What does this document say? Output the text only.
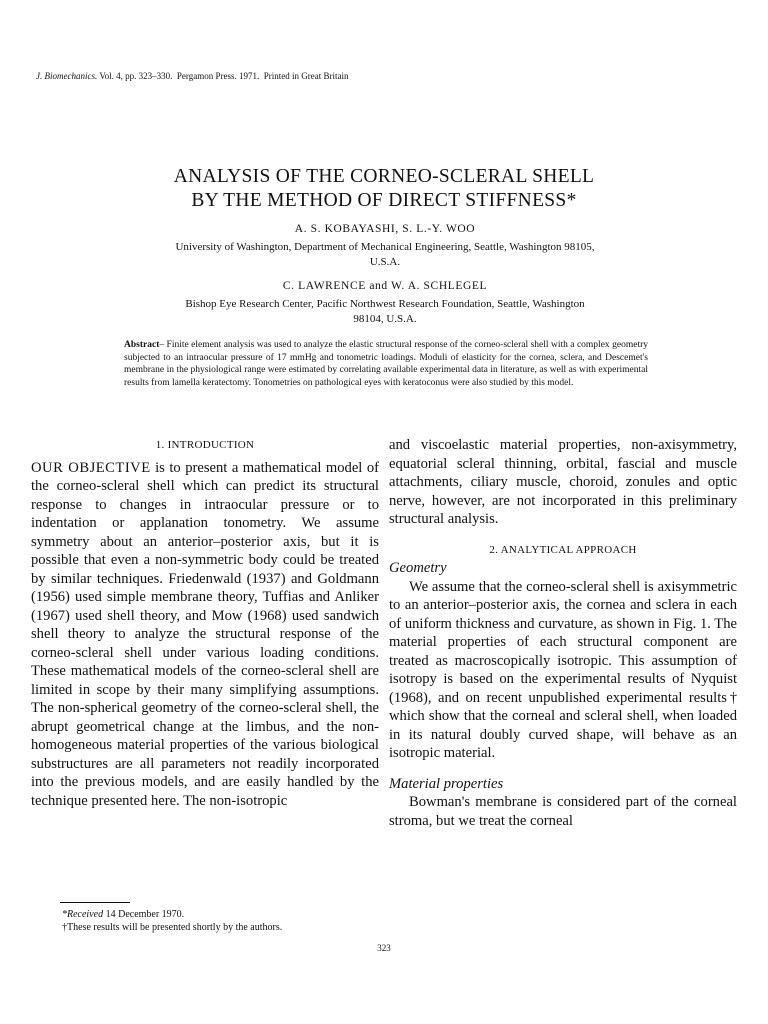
J. Biomechanics. Vol. 4, pp. 323–330. Pergamon Press. 1971. Printed in Great Britain
ANALYSIS OF THE CORNEO-SCLERAL SHELL
BY THE METHOD OF DIRECT STIFFNESS*
A. S. KOBAYASHI, S. L.-Y. WOO
University of Washington, Department of Mechanical Engineering, Seattle, Washington 98105,
U.S.A.
C. LAWRENCE and W. A. SCHLEGEL
Bishop Eye Research Center, Pacific Northwest Research Foundation, Seattle, Washington
98104, U.S.A.
Abstract– Finite element analysis was used to analyze the elastic structural response of the corneo-scleral shell with a complex geometry subjected to an intraocular pressure of 17 mmHg and tonometric loadings. Moduli of elasticity for the cornea, sclera, and Descemet's membrane in the physiological range were estimated by correlating available experimental data in literature, as well as with experimental results from lamella keratectomy. Tonometries on pathological eyes with keratoconus were also studied by this model.
1. INTRODUCTION

OUR OBJECTIVE is to present a mathematical model of the corneo-scleral shell which can predict its structural response to changes in intraocular pressure or to indentation or applanation tonometry. We assume symmetry about an anterior–posterior axis, but it is possible that even a non-symmetric body could be treated by similar techniques. Friedenwald (1937) and Goldmann (1956) used simple membrane theory, Tuffias and Anliker (1967) used shell theory, and Mow (1968) used sandwich shell theory to analyze the structural response of the corneo-scleral shell under various loading conditions. These mathematical models of the corneo-scleral shell are limited in scope by their many simplifying assumptions. The non-spherical geometry of the corneo-scleral shell, the abrupt geometrical change at the limbus, and the non-homogeneous material properties of the various biological substructures are all parameters not readily incorporated into the previous models, and are easily handled by the technique presented here. The non-isotropic

and viscoelastic material properties, non-axisymmetry, equatorial scleral thinning, orbital, fascial and muscle attachments, ciliary muscle, choroid, zonules and optic nerve, however, are not incorporated in this preliminary structural analysis.

2. ANALYTICAL APPROACH

Geometry

We assume that the corneo-scleral shell is axisymmetric to an anterior–posterior axis, the cornea and sclera in each of uniform thickness and curvature, as shown in Fig. 1. The material properties of each structural component are treated as macroscopically isotropic. This assumption of isotropy is based on the experimental results of Nyquist (1968), and on recent unpublished experimental results† which show that the corneal and scleral shell, when loaded in its natural doubly curved shape, will behave as an isotropic material.

Material properties

Bowman's membrane is considered part of the corneal stroma, but we treat the corneal

*Received 14 December 1970.
†These results will be presented shortly by the authors.
323
